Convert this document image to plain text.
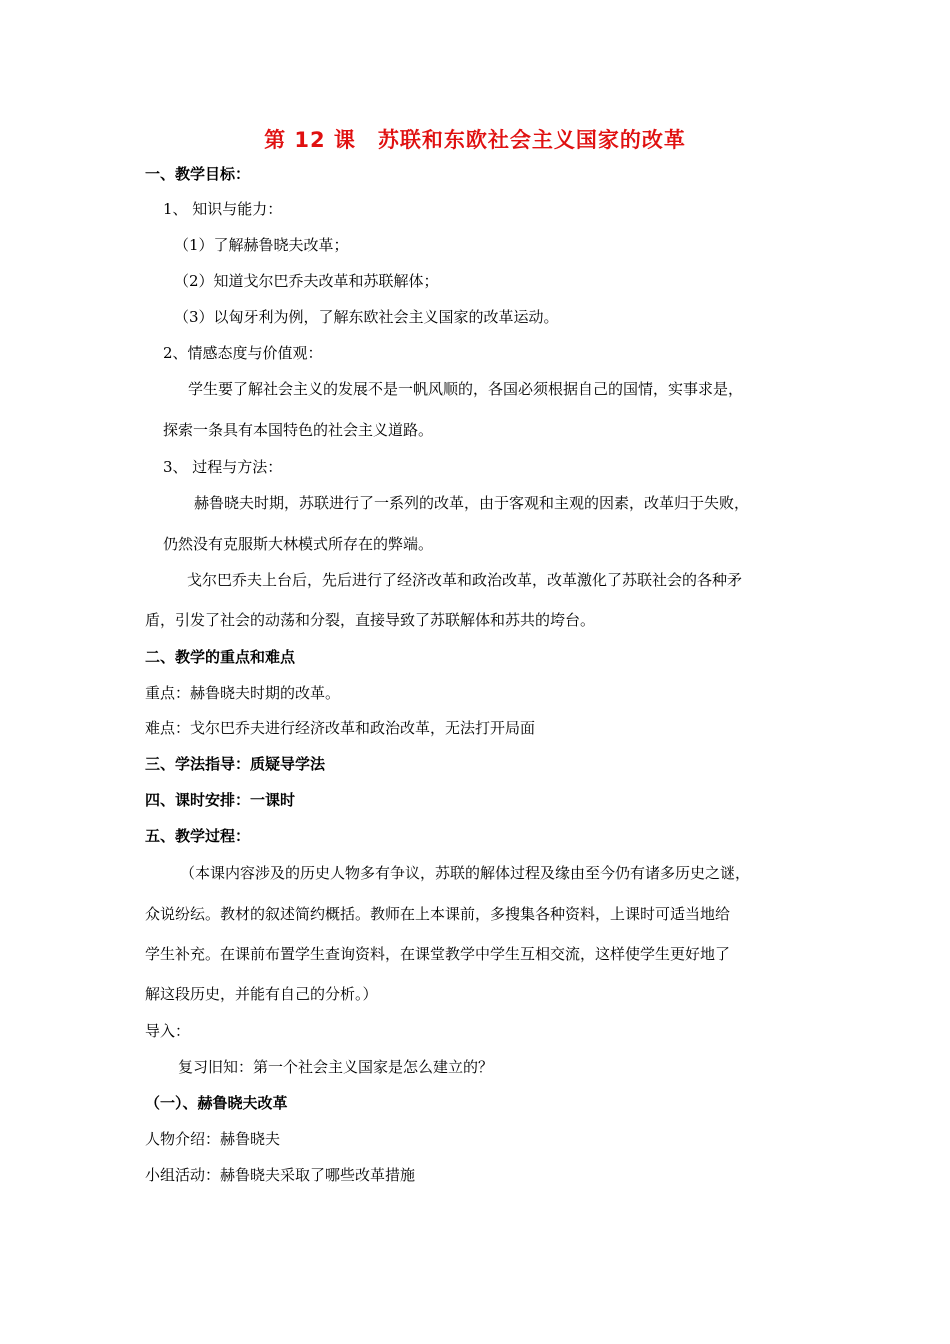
第 12 课　苏联和东欧社会主义国家的改革
一、教学目标：
1、 知识与能力：
（1）了解赫鲁晓夫改革；
（2）知道戈尔巴乔夫改革和苏联解体；
（3）以匈牙利为例，了解东欧社会主义国家的改革运动。
2、情感态度与价值观：
学生要了解社会主义的发展不是一帆风顺的，各国必须根据自己的国情，实事求是，
探索一条具有本国特色的社会主义道路。
3、 过程与方法：
赫鲁晓夫时期，苏联进行了一系列的改革，由于客观和主观的因素，改革归于失败，
仍然没有克服斯大林模式所存在的弊端。
戈尔巴乔夫上台后，先后进行了经济改革和政治改革，改革激化了苏联社会的各种矛
盾，引发了社会的动荡和分裂，直接导致了苏联解体和苏共的垮台。
二、教学的重点和难点
重点：赫鲁晓夫时期的改革。
难点：戈尔巴乔夫进行经济改革和政治改革，无法打开局面
三、学法指导：质疑导学法
四、课时安排：一课时
五、教学过程：
（本课内容涉及的历史人物多有争议，苏联的解体过程及缘由至今仍有诸多历史之谜，
众说纷纭。教材的叙述简约概括。教师在上本课前，多搜集各种资料，上课时可适当地给
学生补充。在课前布置学生查询资料，在课堂教学中学生互相交流，这样使学生更好地了
解这段历史，并能有自己的分析。）
导入：
复习旧知：第一个社会主义国家是怎么建立的？
（一）、赫鲁晓夫改革
人物介绍：赫鲁晓夫
小组活动：赫鲁晓夫采取了哪些改革措施
